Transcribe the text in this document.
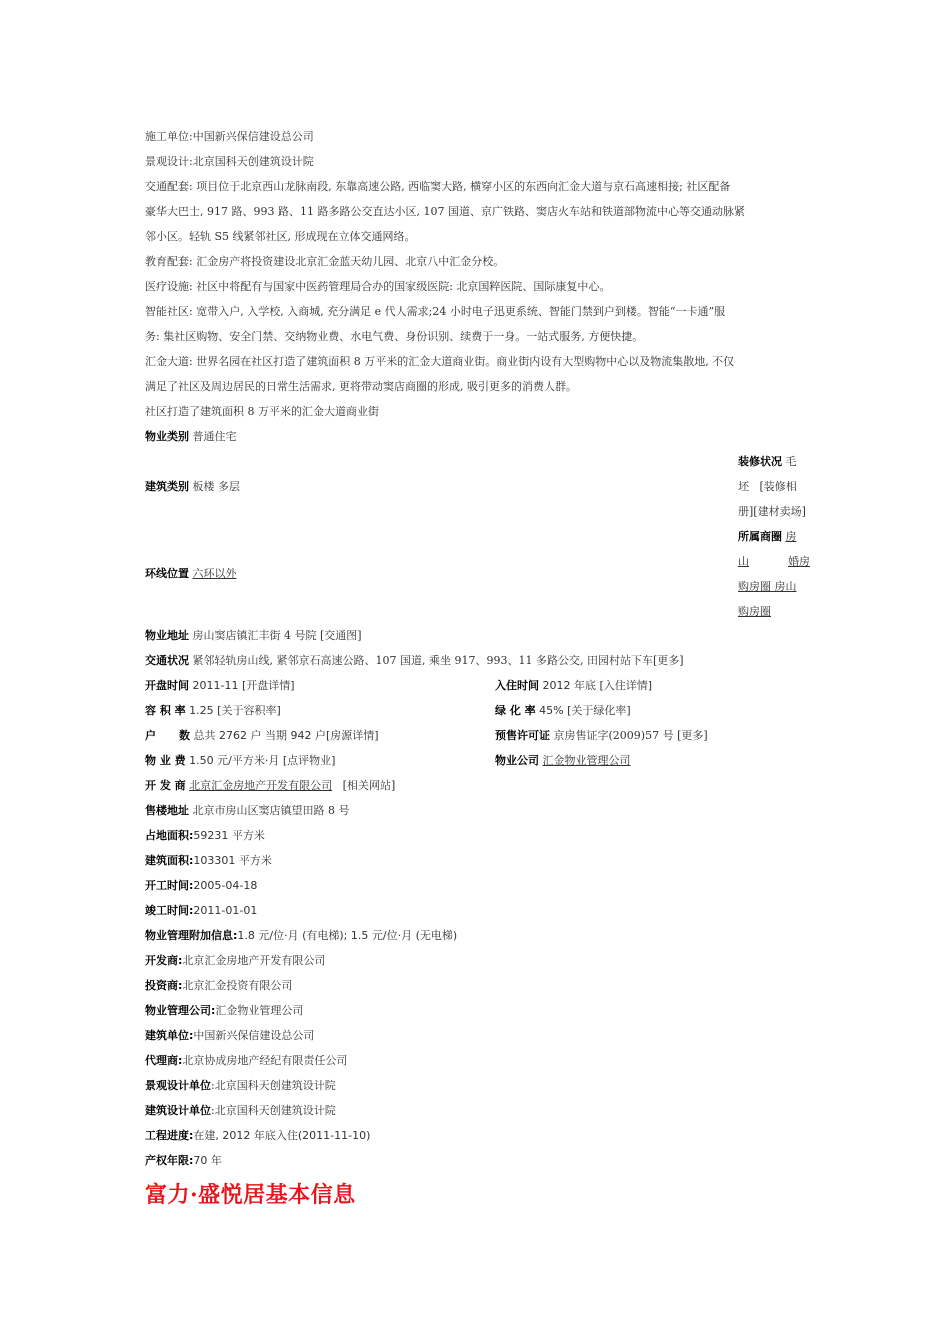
施工单位:中国新兴保信建设总公司

景观设计:北京国科天创建筑设计院

交通配套: 项目位于北京西山龙脉南段, 东靠高速公路, 西临窦大路, 横穿小区的东西向汇金大道与京石高速相接; 社区配备

豪华大巴士, 917 路、993 路、11 路多路公交直达小区, 107 国道、京广铁路、窦店火车站和铁道部物流中心等交通动脉紧

邻小区。轻轨 S5 线紧邻社区, 形成现在立体交通网络。

教育配套: 汇金房产将投资建设北京汇金蓝天幼儿园、北京八中汇金分校。

医疗设施: 社区中将配有与国家中医药管理局合办的国家级医院: 北京国粹医院、国际康复中心。

智能社区: 宽带入户, 入学校, 入商城, 充分满足 e 代人需求;24 小时电子迅更系统、智能门禁到户到楼。智能“一卡通”服

务: 集社区购物、安全门禁、交纳物业费、水电气费、身份识别、续费于一身。一站式服务, 方便快捷。

汇金大道: 世界名园在社区打造了建筑面积 8 万平米的汇金大道商业街。商业街内设有大型购物中心以及物流集散地, 不仅

满足了社区及周边居民的日常生活需求, 更将带动窦店商圈的形成, 吸引更多的消费人群。

社区打造了建筑面积 8 万平米的汇金大道商业街

物业类别 普通住宅
建筑类别 板楼 多层
环线位置 六环以外
物业地址 房山窦店镇汇丰街 4 号院 [交通图]
交通状况 紧邻轻轨房山线, 紧邻京石高速公路、107 国道, 乘坐 917、993、11 多路公交, 田园村站下车[更多]
开盘时间 2011-11 [开盘详情]	入住时间 2012 年底 [入住详情]
容 积 率 1.25 [关于容积率]	绿 化 率 45% [关于绿化率]
户      数 总共 2762 户 当期 942 户[房源详情]	预售许可证 京房售证字(2009)57 号 [更多]
物 业 费 1.50 元/平方米·月 [点评物业]	物业公司 汇金物业管理公司
开 发 商 北京汇金房地产开发有限公司   [相关网站]
售楼地址 北京市房山区窦店镇望田路 8 号
占地面积:59231 平方米
建筑面积:103301 平方米
开工时间:2005-04-18
竣工时间:2011-01-01
物业管理附加信息:1.8 元/位·月 (有电梯); 1.5 元/位·月 (无电梯)
开发商:北京汇金房地产开发有限公司
投资商:北京汇金投资有限公司
物业管理公司:汇金物业管理公司
建筑单位:中国新兴保信建设总公司
代理商:北京协成房地产经纪有限责任公司
景观设计单位:北京国科天创建筑设计院
建筑设计单位:北京国科天创建筑设计院
工程进度:在建, 2012 年底入住(2011-11-10)
产权年限:70 年
装修状况 毛
坯 [装修相
册][建材卖场]
所属商圈 房
山	婚房
购房圈 房山
购房圈
富力·盛悦居基本信息
